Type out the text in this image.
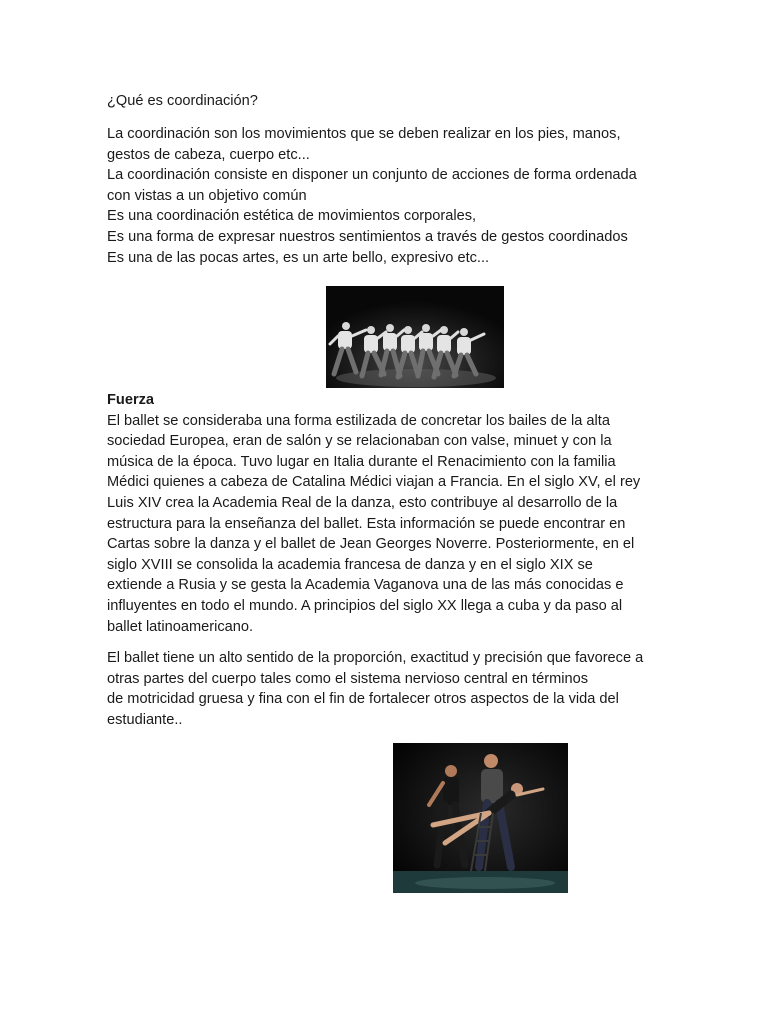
¿Qué es coordinación?

La coordinación son los movimientos que se deben realizar en los pies, manos,
gestos de cabeza, cuerpo etc...
La coordinación consiste en disponer un conjunto de acciones de forma ordenada
con vistas a un objetivo común
Es una coordinación estética de movimientos corporales,
Es una forma de expresar nuestros sentimientos a través de gestos coordinados
Es una de las pocas artes, es un arte bello, expresivo etc...

Fuerza
El ballet se consideraba una forma estilizada de concretar los bailes de la alta
sociedad Europea, eran de salón y se relacionaban con valse, minuet y con la
música de la época. Tuvo lugar en Italia durante el Renacimiento con la familia
Médici quienes a cabeza de Catalina Médici viajan a Francia. En el siglo XV, el rey
Luis XIV crea la Academia Real de la danza, esto contribuye al desarrollo de la
estructura para la enseñanza del ballet. Esta información se puede encontrar en
Cartas sobre la danza y el ballet de Jean Georges Noverre. Posteriormente, en el
siglo XVIII se consolida la academia francesa de danza y en el siglo XIX se
extiende a Rusia y se gesta la Academia Vaganova una de las más conocidas e
influyentes en todo el mundo. A principios del siglo XX llega a cuba y da paso al
ballet latinoamericano.

El ballet tiene un alto sentido de la proporción, exactitud y precisión que favorece a
otras partes del cuerpo tales como el sistema nervioso central en términos
de motricidad gruesa y fina con el fin de fortalecer otros aspectos de la vida del
estudiante..
